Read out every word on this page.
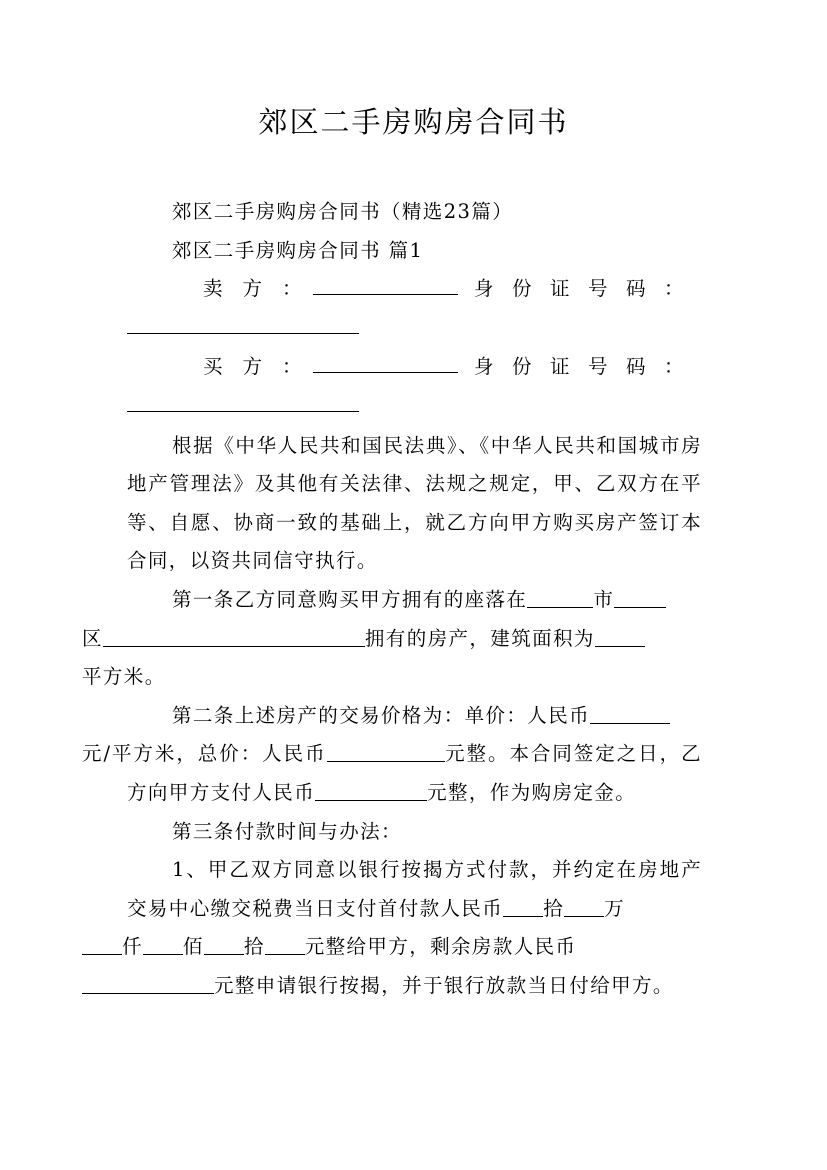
郊区二手房购房合同书

郊区二手房购房合同书（精选23篇）

郊区二手房购房合同书 篇1

卖方：	身份证号码：
买方：	身份证号码：

根据《中华人民共和国民法典》、《中华人民共和国城市房地产管理法》及其他有关法律、法规之规定，甲、乙双方在平等、自愿、协商一致的基础上，就乙方向甲方购买房产签订本合同，以资共同信守执行。

第一条乙方同意购买甲方拥有的座落在	市
区	拥有的房产，建筑面积为
平方米。

第二条上述房产的交易价格为：单价：人民币
元/平方米，总价：人民币	元整。本合同签定之日，乙方向甲方支付人民币	元整，作为购房定金。

第三条付款时间与办法：

1、甲乙双方同意以银行按揭方式付款，并约定在房地产交易中心缴交税费当日支付首付款人民币 拾 万
仟 佰 拾 元整给甲方，剩余房款人民币
元整申请银行按揭，并于银行放款当日付给甲方。
